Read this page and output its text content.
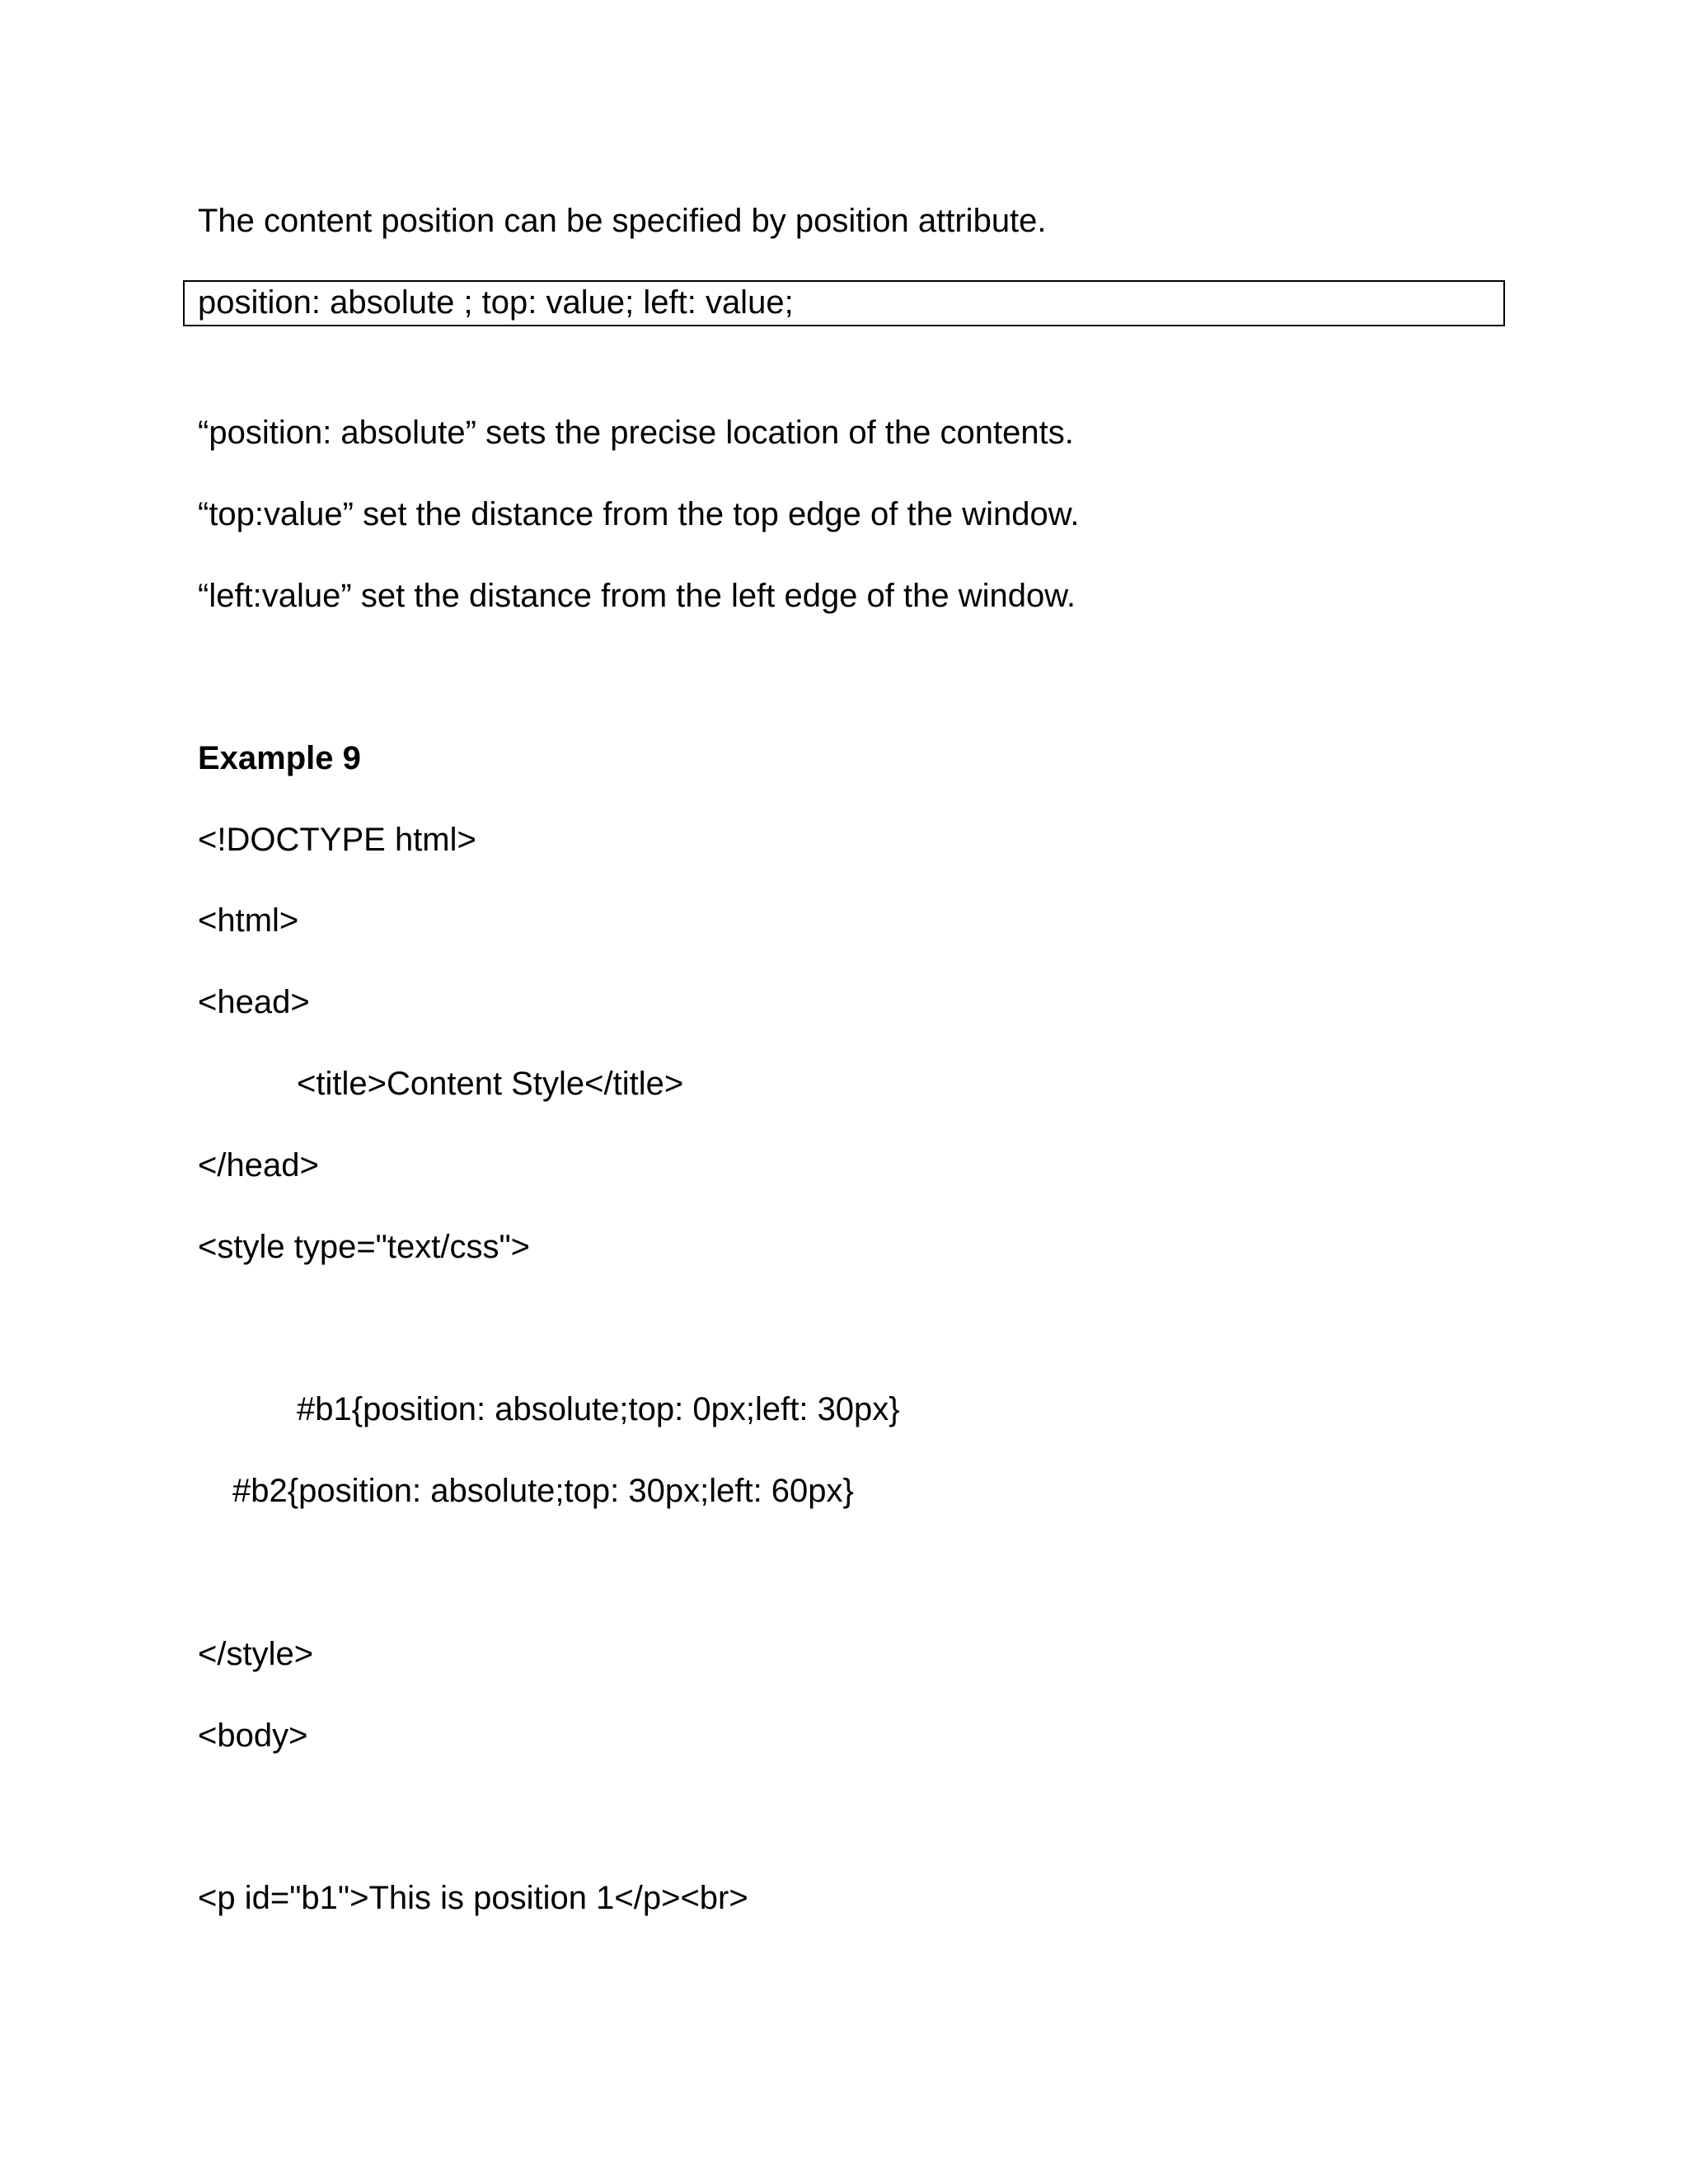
The content position can be specified by position attribute.
position: absolute ; top: value; left: value;
“position: absolute” sets the precise location of the contents.
“top:value” set the distance from the top edge of the window.
“left:value” set the distance from the left edge of the window.
Example 9
<!DOCTYPE html>
<html>
<head>
<title>Content Style</title>
</head>
<style type="text/css">
#b1{position: absolute;top: 0px;left: 30px}
#b2{position: absolute;top: 30px;left: 60px}
</style>
<body>
<p id="b1">This is position 1</p><br>
